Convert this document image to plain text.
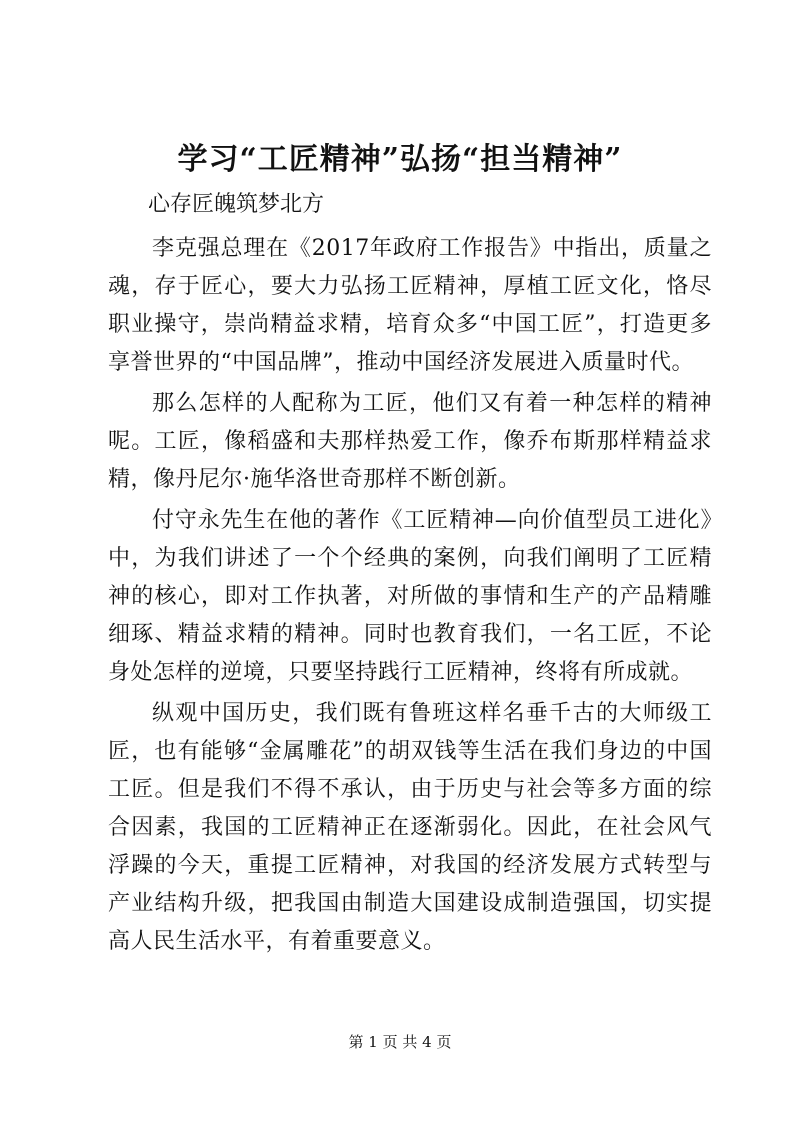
学习“工匠精神”弘扬“担当精神”

心存匠魄筑梦北方

李克强总理在《2017年政府工作报告》中指出，质量之魂，存于匠心，要大力弘扬工匠精神，厚植工匠文化，恪尽职业操守，崇尚精益求精，培育众多“中国工匠”，打造更多享誉世界的“中国品牌”，推动中国经济发展进入质量时代。

那么怎样的人配称为工匠，他们又有着一种怎样的精神呢。工匠，像稻盛和夫那样热爱工作，像乔布斯那样精益求精，像丹尼尔·施华洛世奇那样不断创新。

付守永先生在他的著作《工匠精神—向价值型员工进化》中，为我们讲述了一个个经典的案例，向我们阐明了工匠精神的核心，即对工作执著，对所做的事情和生产的产品精雕细琢、精益求精的精神。同时也教育我们，一名工匠，不论身处怎样的逆境，只要坚持践行工匠精神，终将有所成就。

纵观中国历史，我们既有鲁班这样名垂千古的大师级工匠，也有能够“金属雕花”的胡双钱等生活在我们身边的中国工匠。但是我们不得不承认，由于历史与社会等多方面的综合因素，我国的工匠精神正在逐渐弱化。因此，在社会风气浮躁的今天，重提工匠精神，对我国的经济发展方式转型与产业结构升级，把我国由制造大国建设成制造强国，切实提高人民生活水平，有着重要意义。

第 1 页 共 4 页
